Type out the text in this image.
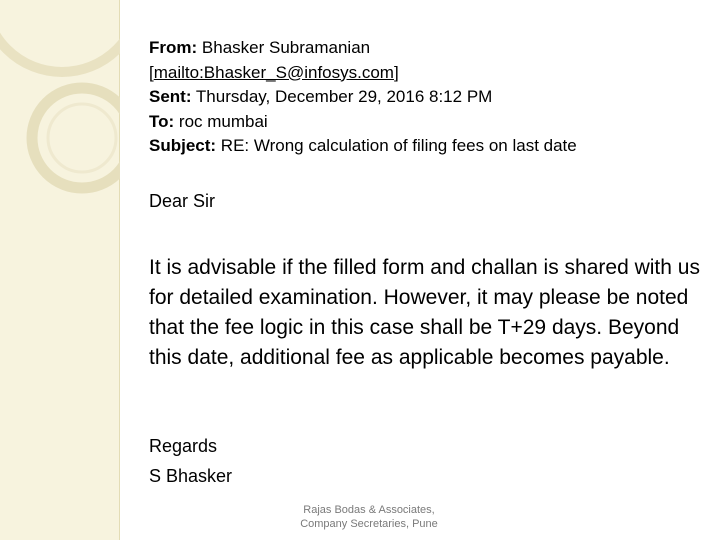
From: Bhasker Subramanian
[mailto:Bhasker_S@infosys.com]
Sent: Thursday, December 29, 2016 8:12 PM
To: roc mumbai
Subject: RE: Wrong calculation of filing fees on last date
Dear Sir
It is advisable if the filled form and challan is shared with us for detailed examination. However, it may please be noted that the fee logic in this case shall be T+29 days. Beyond this date, additional fee as applicable becomes payable.
Regards
S Bhasker
Rajas Bodas & Associates,
Company Secretaries, Pune
